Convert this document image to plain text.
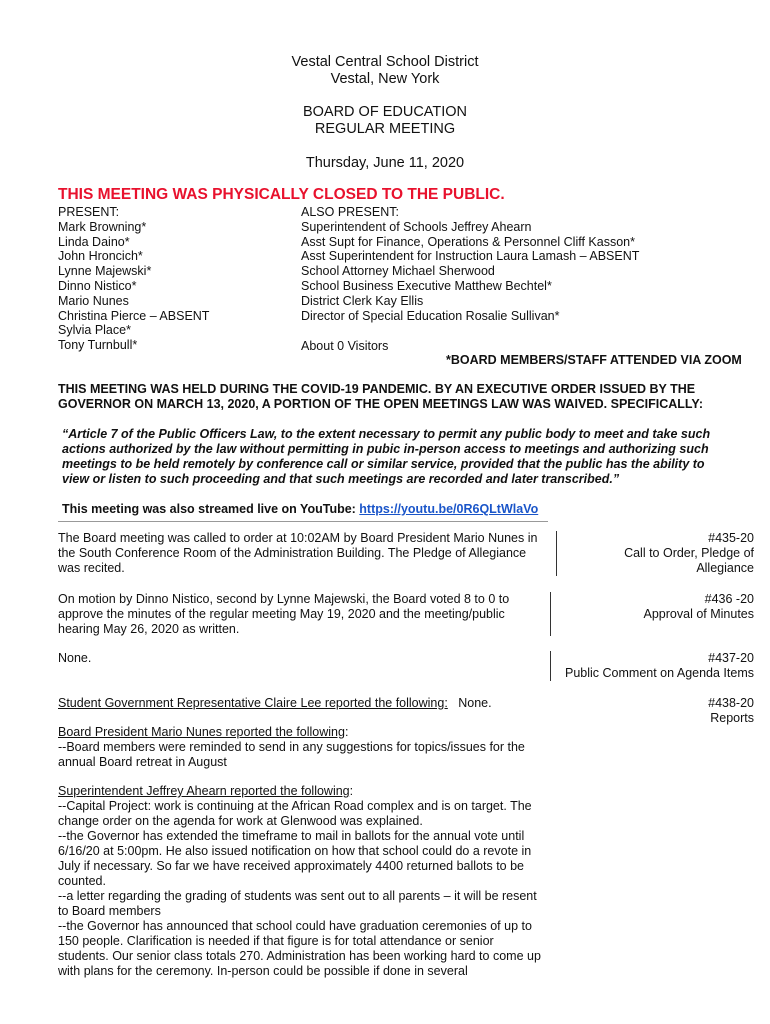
Vestal Central School District
Vestal, New York
BOARD OF EDUCATION
REGULAR MEETING
Thursday, June 11, 2020
THIS MEETING WAS PHYSICALLY CLOSED TO THE PUBLIC.
PRESENT:
Mark Browning*
Linda Daino*
John Hroncich*
Lynne Majewski*
Dinno Nistico*
Mario Nunes
Christina Pierce – ABSENT
Sylvia Place*
Tony Turnbull*
ALSO PRESENT:
Superintendent of Schools Jeffrey Ahearn
Asst Supt for Finance, Operations & Personnel Cliff Kasson*
Asst Superintendent for Instruction Laura Lamash – ABSENT
School Attorney Michael Sherwood
School Business Executive Matthew Bechtel*
District Clerk Kay Ellis
Director of Special Education Rosalie Sullivan*
About 0 Visitors
*BOARD MEMBERS/STAFF ATTENDED VIA ZOOM
THIS MEETING WAS HELD DURING THE COVID-19 PANDEMIC. BY AN EXECUTIVE ORDER ISSUED BY THE GOVERNOR ON MARCH 13, 2020, A PORTION OF THE OPEN MEETINGS LAW WAS WAIVED. SPECIFICALLY:
“Article 7 of the Public Officers Law, to the extent necessary to permit any public body to meet and take such actions authorized by the law without permitting in pubic in-person access to meetings and authorizing such meetings to be held remotely by conference call or similar service, provided that the public has the ability to view or listen to such proceeding and that such meetings are recorded and later transcribed.”
This meeting was also streamed live on YouTube: https://youtu.be/0R6QLtWlaVo
The Board meeting was called to order at 10:02AM by Board President Mario Nunes in the South Conference Room of the Administration Building. The Pledge of Allegiance was recited.
#435-20
Call to Order, Pledge of
Allegiance
On motion by Dinno Nistico, second by Lynne Majewski, the Board voted 8 to 0 to approve the minutes of the regular meeting May 19, 2020 and the meeting/public hearing May 26, 2020 as written.
#436 -20
Approval of Minutes
None.	#437-20
Public Comment on Agenda Items
#438-20
Reports
Student Government Representative Claire Lee reported the following:   None.
Board President Mario Nunes reported the following:
--Board members were reminded to send in any suggestions for topics/issues for the annual Board retreat in August
Superintendent Jeffrey Ahearn reported the following:
--Capital Project: work is continuing at the African Road complex and is on target. The change order on the agenda for work at Glenwood was explained.
--the Governor has extended the timeframe to mail in ballots for the annual vote until 6/16/20 at 5:00pm. He also issued notification on how that school could do a revote in July if necessary. So far we have received approximately 4400 returned ballots to be counted.
--a letter regarding the grading of students was sent out to all parents – it will be resent to Board members
--the Governor has announced that school could have graduation ceremonies of up to 150 people. Clarification is needed if that figure is for total attendance or senior students. Our senior class totals 270. Administration has been working hard to come up with plans for the ceremony. In-person could be possible if done in several
